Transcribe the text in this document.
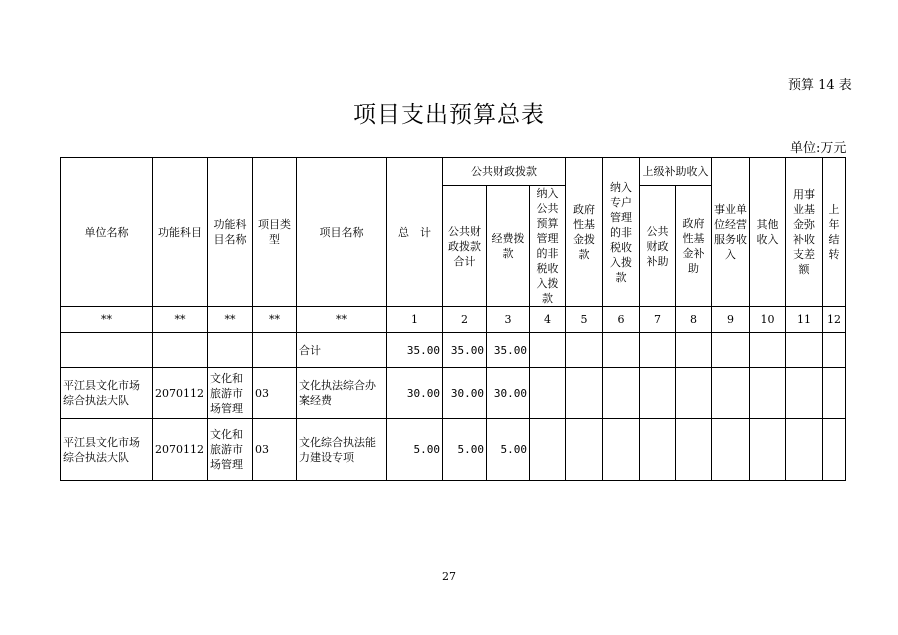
预算 14 表
项目支出预算总表
单位:万元
单位名称	功能科目	功能科目名称	项目类型	项目名称	总　计	公共财政拨款			政府性基金拨款	纳入专户管理的非税收入拨款	上级补助收入		事业单位经营服务收入	其他收入	用事业基金弥补收支差额	上年结转
						公共财政拨款合计	经费拨款	纳入公共预算管理的非税收入拨款			公共财政补助	政府性基金补助				
**	**	**	**	**	1	2	3	4	5	6	7	8	9	10	11	12
				合计	35.00	35.00	35.00									
平江县文化市场综合执法大队	2070112	文化和旅游市场管理	03	文化执法综合办案经费	30.00	30.00	30.00									
平江县文化市场综合执法大队	2070112	文化和旅游市场管理	03	文化综合执法能力建设专项	5.00	5.00	5.00									
27
